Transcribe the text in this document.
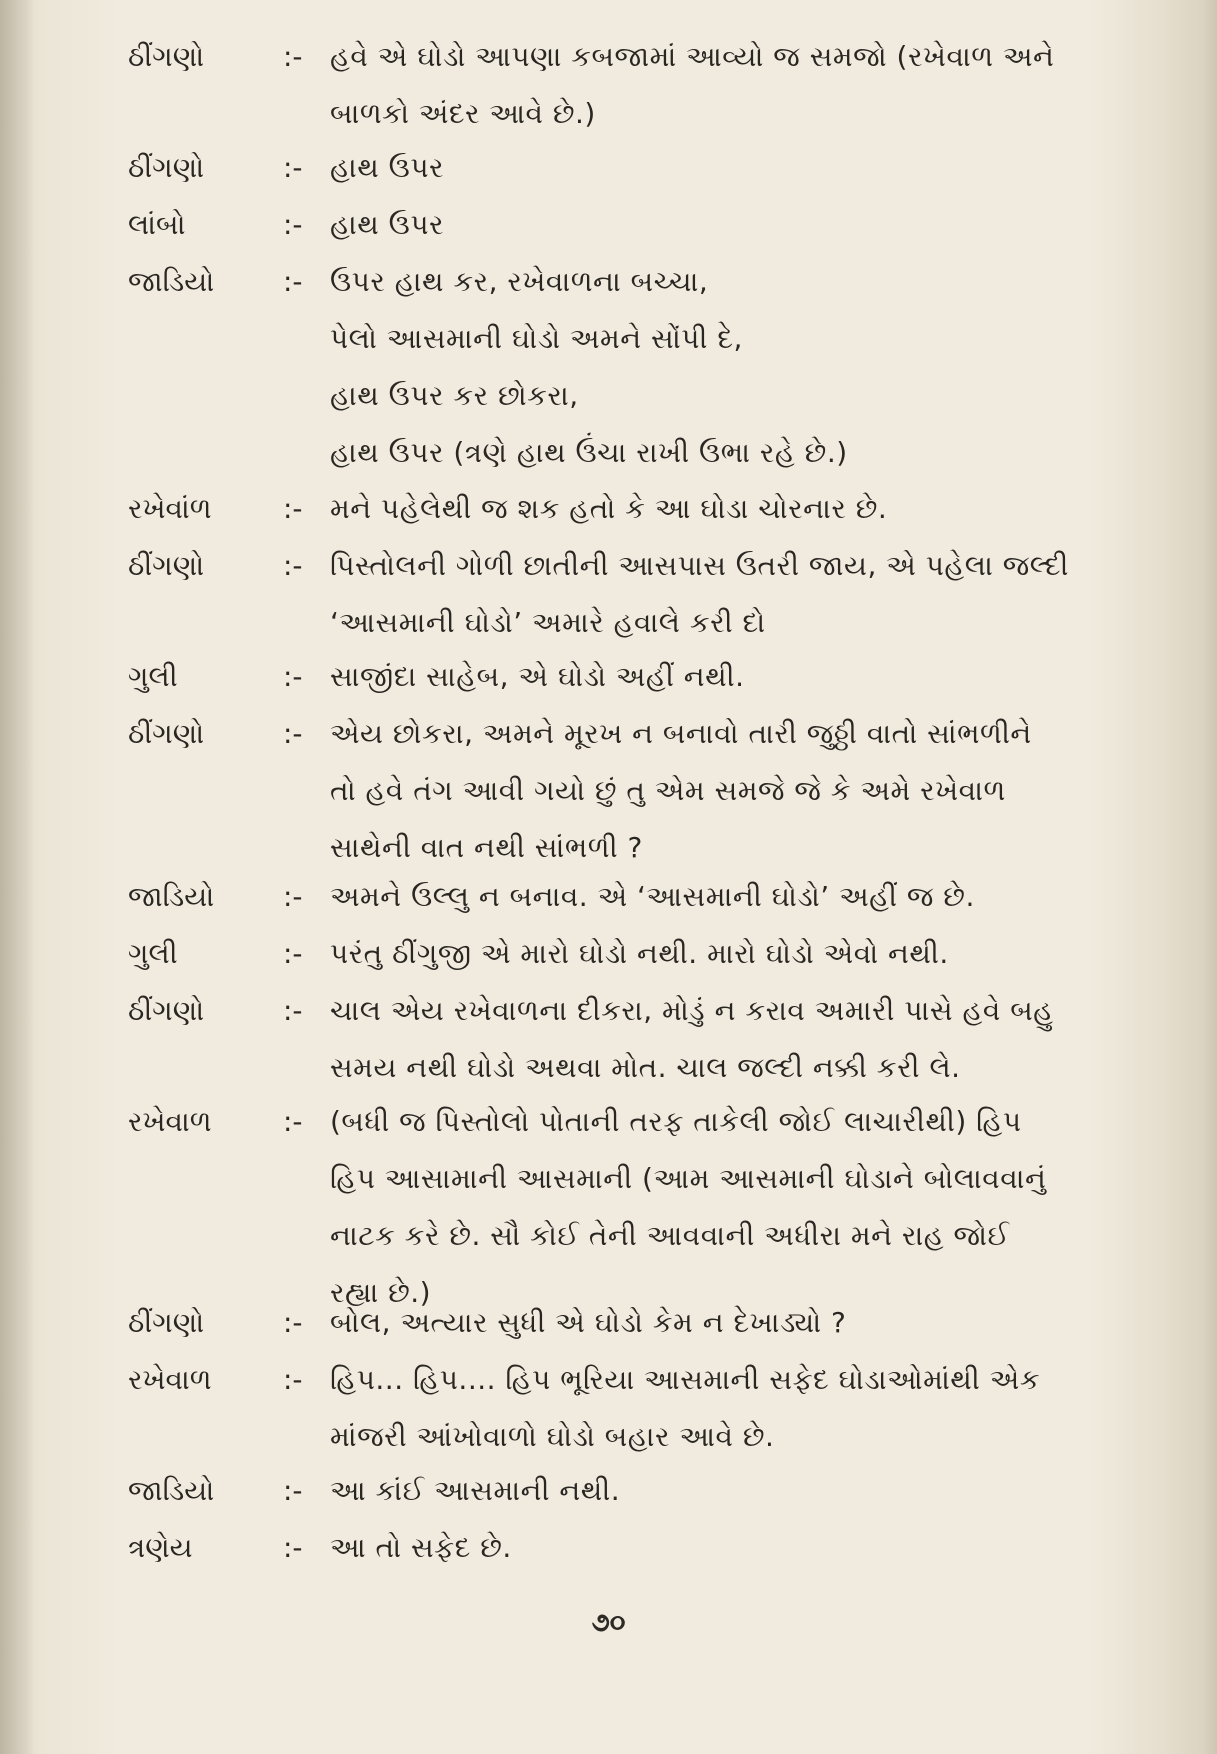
ઠીંગણો	:- હવે એ ઘોડો આપણા કબજામાં આવ્યો જ સમજો (રખેવાળ અને
બાળકો અંદર આવે છે.)
ઠીંગણો	:- હાથ ઉપર
લાંબો	:- હાથ ઉપર
જાડિયો :- ઉપર હાથ કર, રખેવાળના બચ્ચા,
પેલો આસમાની ઘોડો અમને સોંપી દે,
હાથ ઉપર કર છોકરા,
હાથ ઉપર (ત્રણે હાથ ઉંચા રાખી ઉભા રહે છે.)
રખેવાંળ	:- મને પહેલેથી જ શક હતો કે આ ઘોડા ચોરનાર છે.
ઠીંગણો	:- પિસ્તોલની ગોળી છાતીની આસપાસ ઉતરી જાય, એ પહેલા જલ્દી
‘આસમાની ઘોડો’ અમારે હવાલે કરી દો
ગુલી	:- સાજીંદા સાહેબ, એ ઘોડો અહીં નથી.
ઠીંગણો	:- એય છોકરા, અમને મૂરખ ન બનાવો તારી જુઠ્ઠી વાતો સાંભળીને
તો હવે તંગ આવી ગયો છું તુ એમ સમજે જે કે અમે રખેવાળ
સાથેની વાત નથી સાંભળી ?
જાડિયો :- અમને ઉલ્લુ ન બનાવ. એ ‘આસમાની ઘોડો’ અહીં જ છે.
ગુલી	:- પરંતુ ઠીંગુજી એ મારો ઘોડો નથી. મારો ઘોડો એવો નથી.
ઠીંગણો	:- ચાલ એય રખેવાળના દીકરા, મોડું ન કરાવ અમારી પાસે હવે બહુ
સમય નથી ઘોડો અથવા મોત. ચાલ જલ્દી નક્કી કરી લે.
રખેવાળ	:- (બધી જ પિસ્તોલો પોતાની તરફ તાકેલી જોઈ લાચારીથી) હિપ
હિપ આસામાની આસમાની (આમ આસમાની ઘોડાને બોલાવવાનું
નાટક કરે છે. સૌ કોઈ તેની આવવાની અધીરા મને રાહ જોઈ
રહ્યા છે.)
ઠીંગણો	:- બોલ, અત્યાર સુધી એ ઘોડો કેમ ન દેખાડ્યો ?
રખેવાળ	:- હિપ... હિપ.... હિપ ભૂરિયા આસમાની સફેદ ઘોડાઓમાંથી એક
માંજરી આંખોવાળો ઘોડો બહાર આવે છે.
જાડિયો :- આ કાંઈ આસમાની નથી.
ત્રણેય	:- આ તો સફેદ છે.
૭૦
